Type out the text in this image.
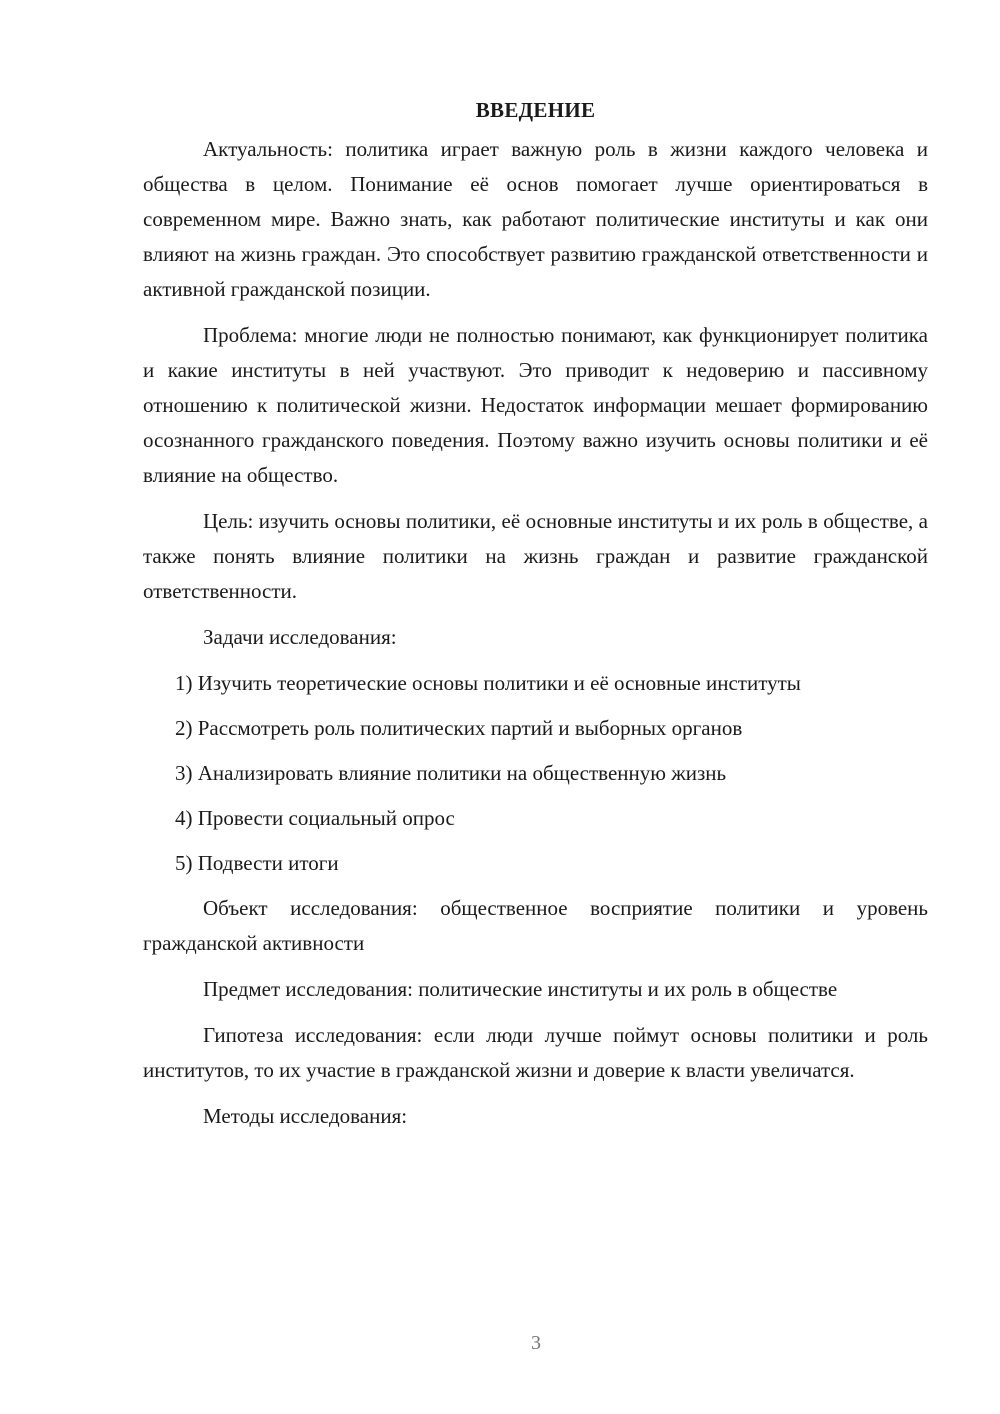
ВВЕДЕНИЕ

Актуальность: политика играет важную роль в жизни каждого человека и общества в целом. Понимание её основ помогает лучше ориентироваться в современном мире. Важно знать, как работают политические институты и как они влияют на жизнь граждан. Это способствует развитию гражданской ответственности и активной гражданской позиции.

Проблема: многие люди не полностью понимают, как функционирует политика и какие институты в ней участвуют. Это приводит к недоверию и пассивному отношению к политической жизни. Недостаток информации мешает формированию осознанного гражданского поведения. Поэтому важно изучить основы политики и её влияние на общество.

Цель: изучить основы политики, её основные институты и их роль в обществе, а также понять влияние политики на жизнь граждан и развитие гражданской ответственности.

Задачи исследования:

1) Изучить теоретические основы политики и её основные институты
2) Рассмотреть роль политических партий и выборных органов
3) Анализировать влияние политики на общественную жизнь
4) Провести социальный опрос
5) Подвести итоги

Объект исследования: общественное восприятие политики и уровень гражданской активности

Предмет исследования: политические институты и их роль в обществе

Гипотеза исследования: если люди лучше поймут основы политики и роль институтов, то их участие в гражданской жизни и доверие к власти увеличатся.

Методы исследования:

3
